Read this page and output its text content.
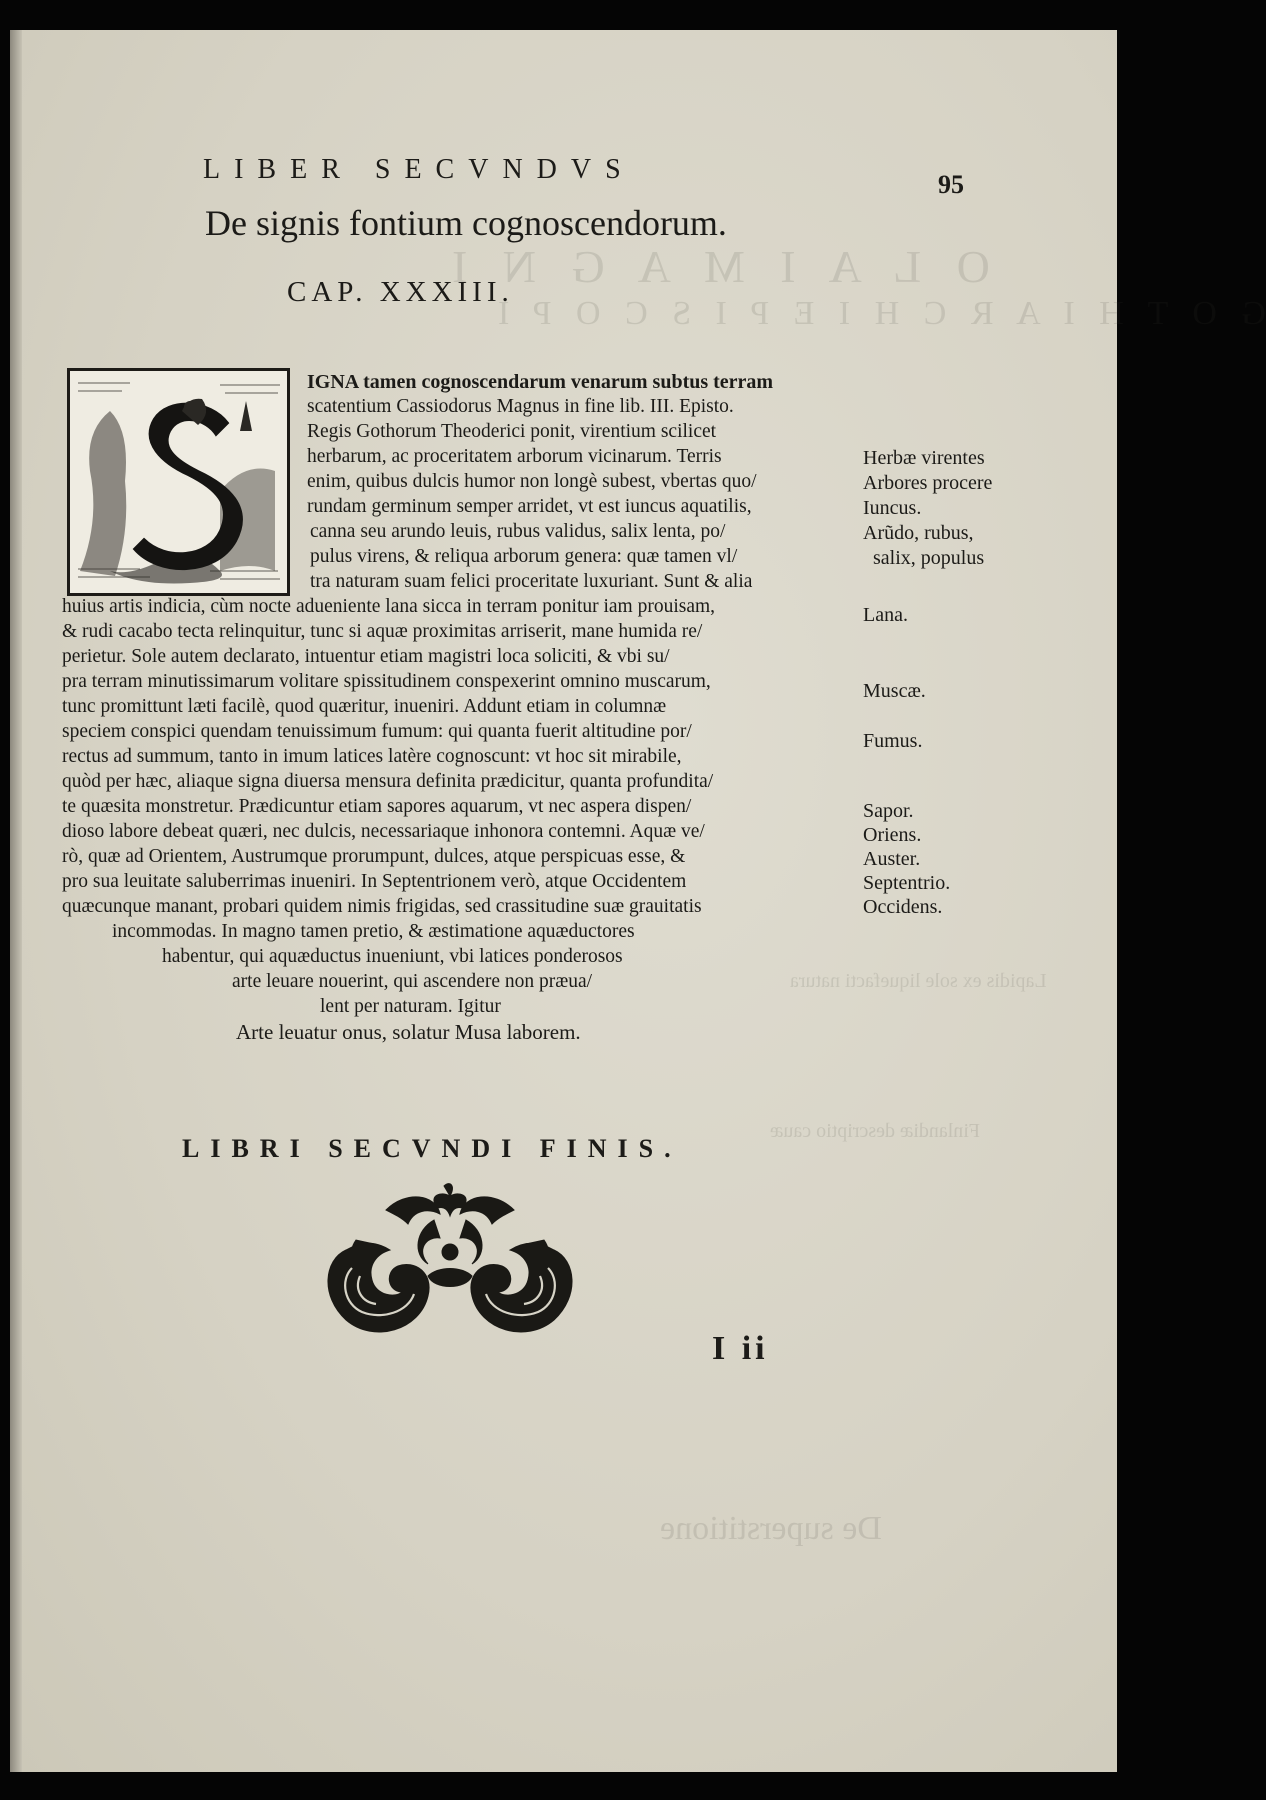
O L A I M A G N I
G O T H I A R C H I E P I S C O P I
Lapidis ex sole liquefacti natura
Finlandiæ descriptio cauæ
De superstitione
LIBER SECVNDVS	95
De signis fontium cognoscendorum.
CAP. XXXIII.
IGNA tamen cognoscendarum venarum subtus terram
scatentium Cassiodorus Magnus in fine lib. III. Episto.
Regis Gothorum Theoderici ponit, virentium scilicet
herbarum, ac proceritatem arborum vicinarum. Terris
enim, quibus dulcis humor non longè subest, vbertas quo/
rundam germinum semper arridet, vt est iuncus aquatilis,
canna seu arundo leuis, rubus validus, salix lenta, po/
pulus virens, & reliqua arborum genera: quæ tamen vl/
tra naturam suam felici proceritate luxuriant. Sunt & alia
huius artis indicia, cùm nocte adueniente lana sicca in terram ponitur iam prouisam,
& rudi cacabo tecta relinquitur, tunc si aquæ proximitas arriserit, mane humida re/
perietur. Sole autem declarato, intuentur etiam magistri loca soliciti, & vbi su/
pra terram minutissimarum volitare spissitudinem conspexerint omnino muscarum,
tunc promittunt læti facilè, quod quæritur, inueniri. Addunt etiam in columnæ
speciem conspici quendam tenuissimum fumum: qui quanta fuerit altitudine por/
rectus ad summum, tanto in imum latices latère cognoscunt: vt hoc sit mirabile,
quòd per hæc, aliaque signa diuersa mensura definita prædicitur, quanta profundita/
te quæsita monstretur. Prædicuntur etiam sapores aquarum, vt nec aspera dispen/
dioso labore debeat quæri, nec dulcis, necessariaque inhonora contemni. Aquæ ve/
rò, quæ ad Orientem, Austrumque prorumpunt, dulces, atque perspicuas esse, &
pro sua leuitate saluberrimas inueniri. In Septentrionem verò, atque Occidentem
quæcunque manant, probari quidem nimis frigidas, sed crassitudine suæ grauitatis
incommodas. In magno tamen pretio, & æstimatione aquæductores
habentur, qui aquæductus inueniunt, vbi latices ponderosos
arte leuare nouerint, qui ascendere non præua/
lent per naturam. Igitur
Arte leuatur onus, solatur Musa laborem.
Herbæ virentes
Arbores procere
Iuncus.
Arũdo, rubus,
salix, populus
Lana.
Muscæ.
Fumus.
Sapor.
Oriens.
Auster.
Septentrio.
Occidens.
LIBRI SECVNDI FINIS.
I ii
